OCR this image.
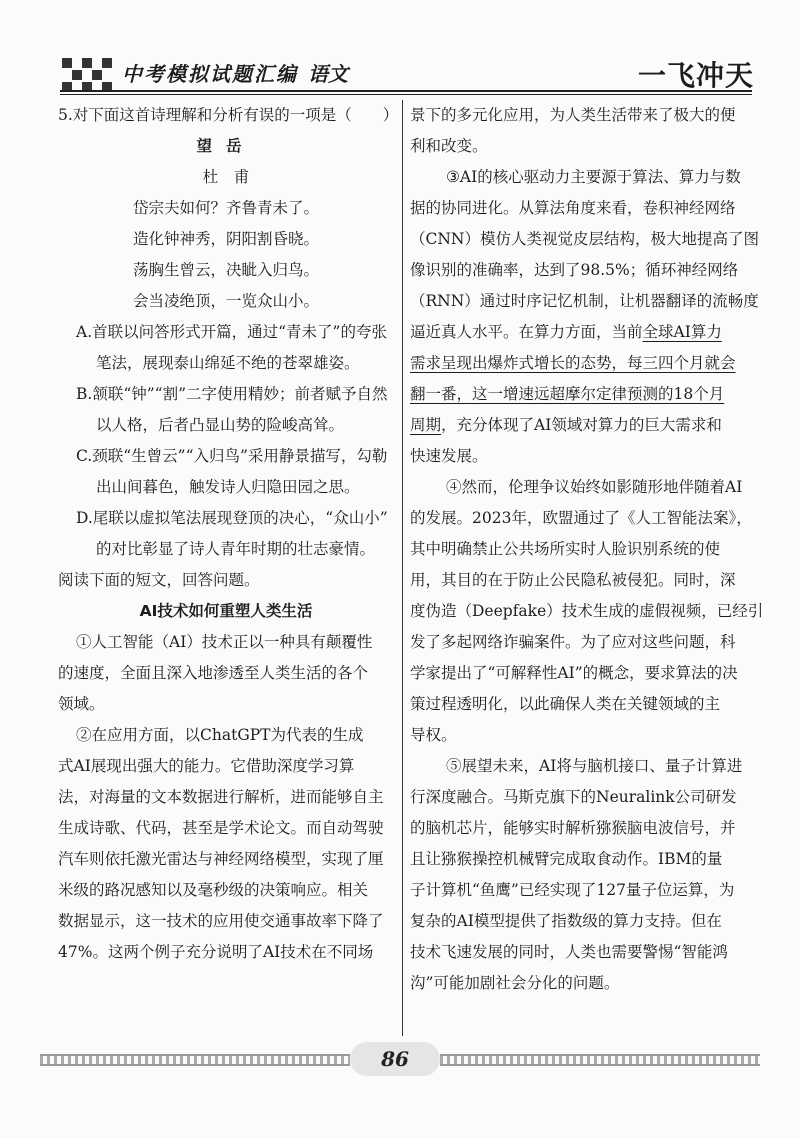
中考模拟试题汇编 语文	一飞冲天
5.对下面这首诗理解和分析有误的一项是（　　）
望岳
杜　甫
岱宗夫如何？齐鲁青未了。
造化钟神秀，阴阳割昏晓。
荡胸生曾云，决眦入归鸟。
会当凌绝顶，一览众山小。
A.首联以问答形式开篇，通过“青未了”的夸张
笔法，展现泰山绵延不绝的苍翠雄姿。
B.颔联“钟”“割”二字使用精妙；前者赋予自然
以人格，后者凸显山势的险峻高耸。
C.颈联“生曾云”“入归鸟”采用静景描写，勾勒
出山间暮色，触发诗人归隐田园之思。
D.尾联以虚拟笔法展现登顶的决心，“众山小”
的对比彰显了诗人青年时期的壮志豪情。
阅读下面的短文，回答问题。
AI技术如何重塑人类生活
①人工智能（AI）技术正以一种具有颠覆性
的速度，全面且深入地渗透至人类生活的各个
领域。
②在应用方面，以ChatGPT为代表的生成
式AI展现出强大的能力。它借助深度学习算
法，对海量的文本数据进行解析，进而能够自主
生成诗歌、代码，甚至是学术论文。而自动驾驶
汽车则依托激光雷达与神经网络模型，实现了厘
米级的路况感知以及毫秒级的决策响应。相关
数据显示，这一技术的应用使交通事故率下降了
47%。这两个例子充分说明了AI技术在不同场
景下的多元化应用，为人类生活带来了极大的便
利和改变。
③AI的核心驱动力主要源于算法、算力与数
据的协同进化。从算法角度来看，卷积神经网络
（CNN）模仿人类视觉皮层结构，极大地提高了图
像识别的准确率，达到了98.5%；循环神经网络
（RNN）通过时序记忆机制，让机器翻译的流畅度
逼近真人水平。在算力方面，当前全球AI算力
需求呈现出爆炸式增长的态势，每三四个月就会
翻一番，这一增速远超摩尔定律预测的18个月
周期，充分体现了AI领域对算力的巨大需求和
快速发展。
④然而，伦理争议始终如影随形地伴随着AI
的发展。2023年，欧盟通过了《人工智能法案》，
其中明确禁止公共场所实时人脸识别系统的使
用，其目的在于防止公民隐私被侵犯。同时，深
度伪造（Deepfake）技术生成的虚假视频，已经引
发了多起网络诈骗案件。为了应对这些问题，科
学家提出了“可解释性AI”的概念，要求算法的决
策过程透明化，以此确保人类在关键领域的主
导权。
⑤展望未来，AI将与脑机接口、量子计算进
行深度融合。马斯克旗下的Neuralink公司研发
的脑机芯片，能够实时解析猕猴脑电波信号，并
且让猕猴操控机械臂完成取食动作。IBM的量
子计算机“鱼鹰”已经实现了127量子位运算，为
复杂的AI模型提供了指数级的算力支持。但在
技术飞速发展的同时，人类也需要警惕“智能鸿
沟”可能加剧社会分化的问题。
86
